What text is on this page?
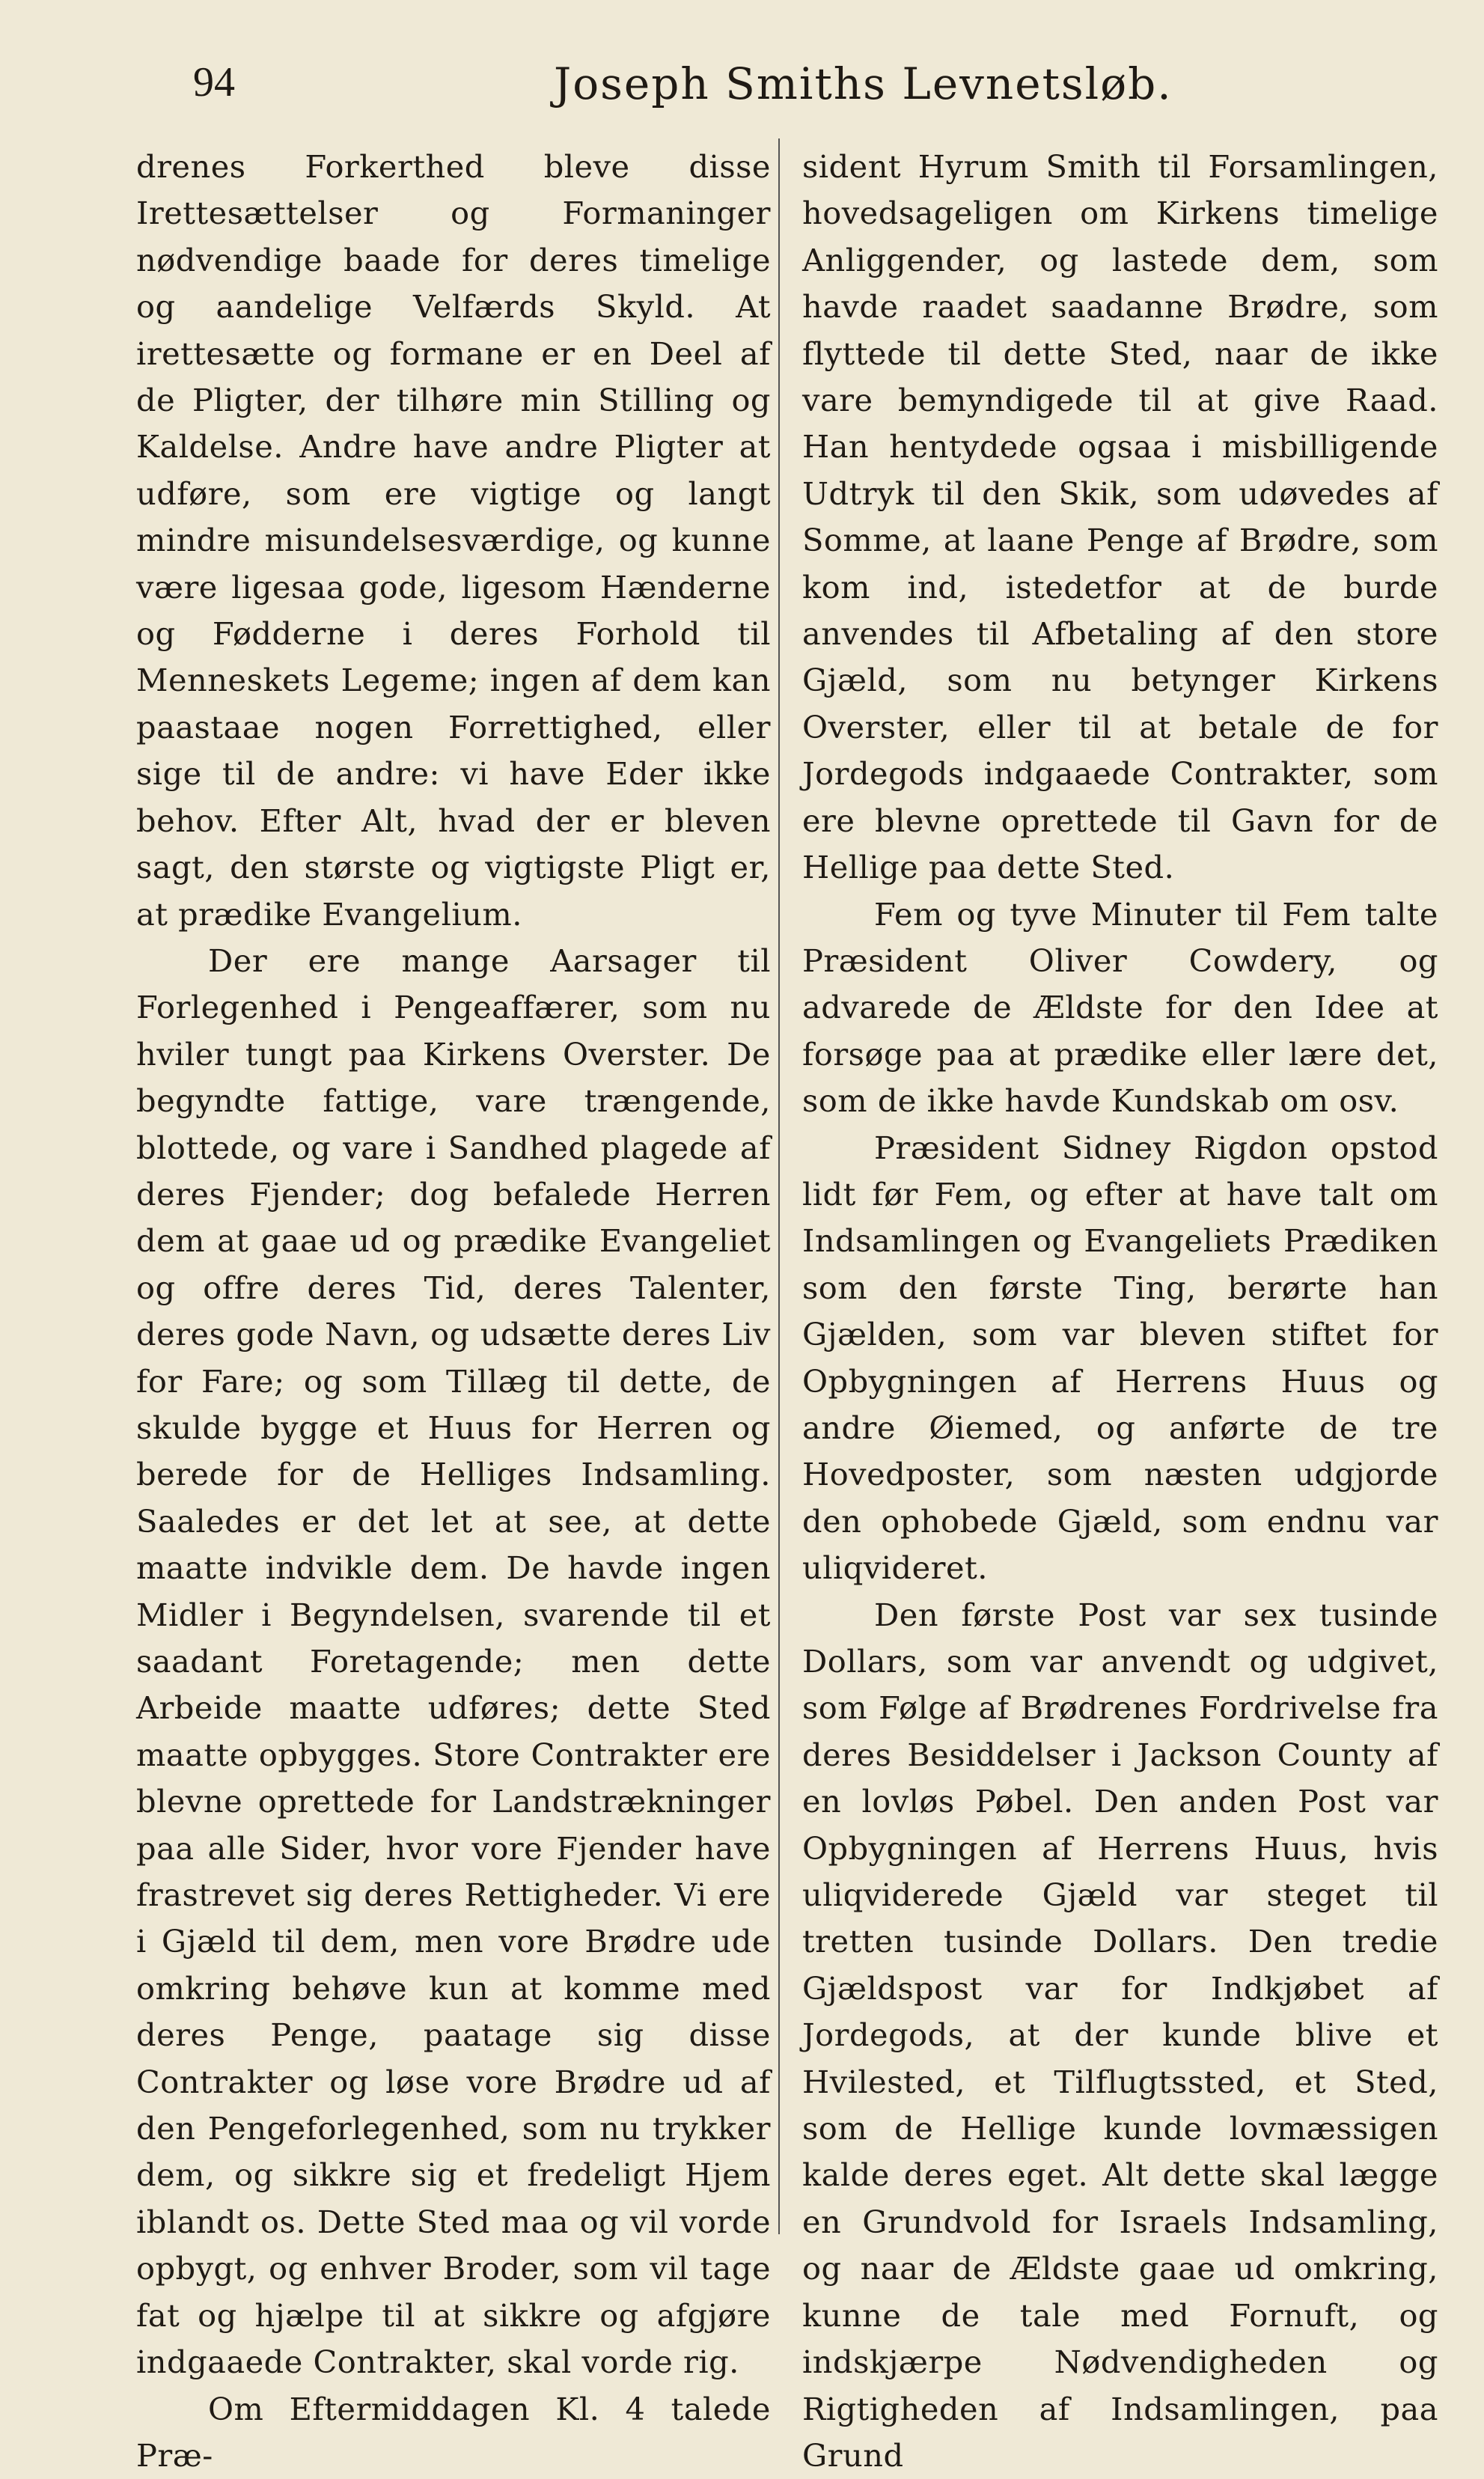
94	Joseph Smiths Levnetsløb.

drenes Forkerthed bleve disse Irettesættelser og Formaninger nødvendige baade for deres timelige og aandelige Velfærds Skyld. At irettesætte og formane er en Deel af de Pligter, der tilhøre min Stilling og Kaldelse. Andre have andre Pligter at udføre, som ere vigtige og langt mindre misundelsesværdige, og kunne være ligesaa gode, ligesom Hænderne og Fødderne i deres Forhold til Menneskets Legeme; ingen af dem kan paastaae nogen Forrettighed, eller sige til de andre: vi have Eder ikke behov. Efter Alt, hvad der er bleven sagt, den største og vigtigste Pligt er, at prædike Evangelium.

Der ere mange Aarsager til Forlegenhed i Pengeaffærer, som nu hviler tungt paa Kirkens Overster. De begyndte fattige, vare trængende, blottede, og vare i Sandhed plagede af deres Fjender; dog befalede Herren dem at gaae ud og prædike Evangeliet og offre deres Tid, deres Talenter, deres gode Navn, og udsætte deres Liv for Fare; og som Tillæg til dette, de skulde bygge et Huus for Herren og berede for de Helliges Indsamling. Saaledes er det let at see, at dette maatte indvikle dem. De havde ingen Midler i Begyndelsen, svarende til et saadant Foretagende; men dette Arbeide maatte udføres; dette Sted maatte opbygges. Store Contrakter ere blevne oprettede for Landstrækninger paa alle Sider, hvor vore Fjender have frastrevet sig deres Rettigheder. Vi ere i Gjæld til dem, men vore Brødre ude omkring behøve kun at komme med deres Penge, paatage sig disse Contrakter og løse vore Brødre ud af den Pengeforlegenhed, som nu trykker dem, og sikkre sig et fredeligt Hjem iblandt os. Dette Sted maa og vil vorde opbygt, og enhver Broder, som vil tage fat og hjælpe til at sikkre og afgjøre indgaaede Contrakter, skal vorde rig.

Om Eftermiddagen Kl. 4 talede Præ-

sident Hyrum Smith til Forsamlingen, hovedsageligen om Kirkens timelige Anliggender, og lastede dem, som havde raadet saadanne Brødre, som flyttede til dette Sted, naar de ikke vare bemyndigede til at give Raad. Han hentydede ogsaa i misbilligende Udtryk til den Skik, som udøvedes af Somme, at laane Penge af Brødre, som kom ind, istedetfor at de burde anvendes til Afbetaling af den store Gjæld, som nu betynger Kirkens Overster, eller til at betale de for Jordegods indgaaede Contrakter, som ere blevne oprettede til Gavn for de Hellige paa dette Sted.

Fem og tyve Minuter til Fem talte Præsident Oliver Cowdery, og advarede de Ældste for den Idee at forsøge paa at prædike eller lære det, som de ikke havde Kundskab om osv.

Præsident Sidney Rigdon opstod lidt før Fem, og efter at have talt om Indsamlingen og Evangeliets Prædiken som den første Ting, berørte han Gjælden, som var bleven stiftet for Opbygningen af Herrens Huus og andre Øiemed, og anførte de tre Hovedposter, som næsten udgjorde den ophobede Gjæld, som endnu var uliqvideret.

Den første Post var sex tusinde Dollars, som var anvendt og udgivet, som Følge af Brødrenes Fordrivelse fra deres Besiddelser i Jackson County af en lovløs Pøbel. Den anden Post var Opbygningen af Herrens Huus, hvis uliqviderede Gjæld var steget til tretten tusinde Dollars. Den tredie Gjældspost var for Indkjøbet af Jordegods, at der kunde blive et Hvilested, et Tilflugtssted, et Sted, som de Hellige kunde lovmæssigen kalde deres eget. Alt dette skal lægge en Grundvold for Israels Indsamling, og naar de Ældste gaae ud omkring, kunne de tale med Fornuft, og indskjærpe Nødvendigheden og Rigtigheden af Indsamlingen, paa Grund
